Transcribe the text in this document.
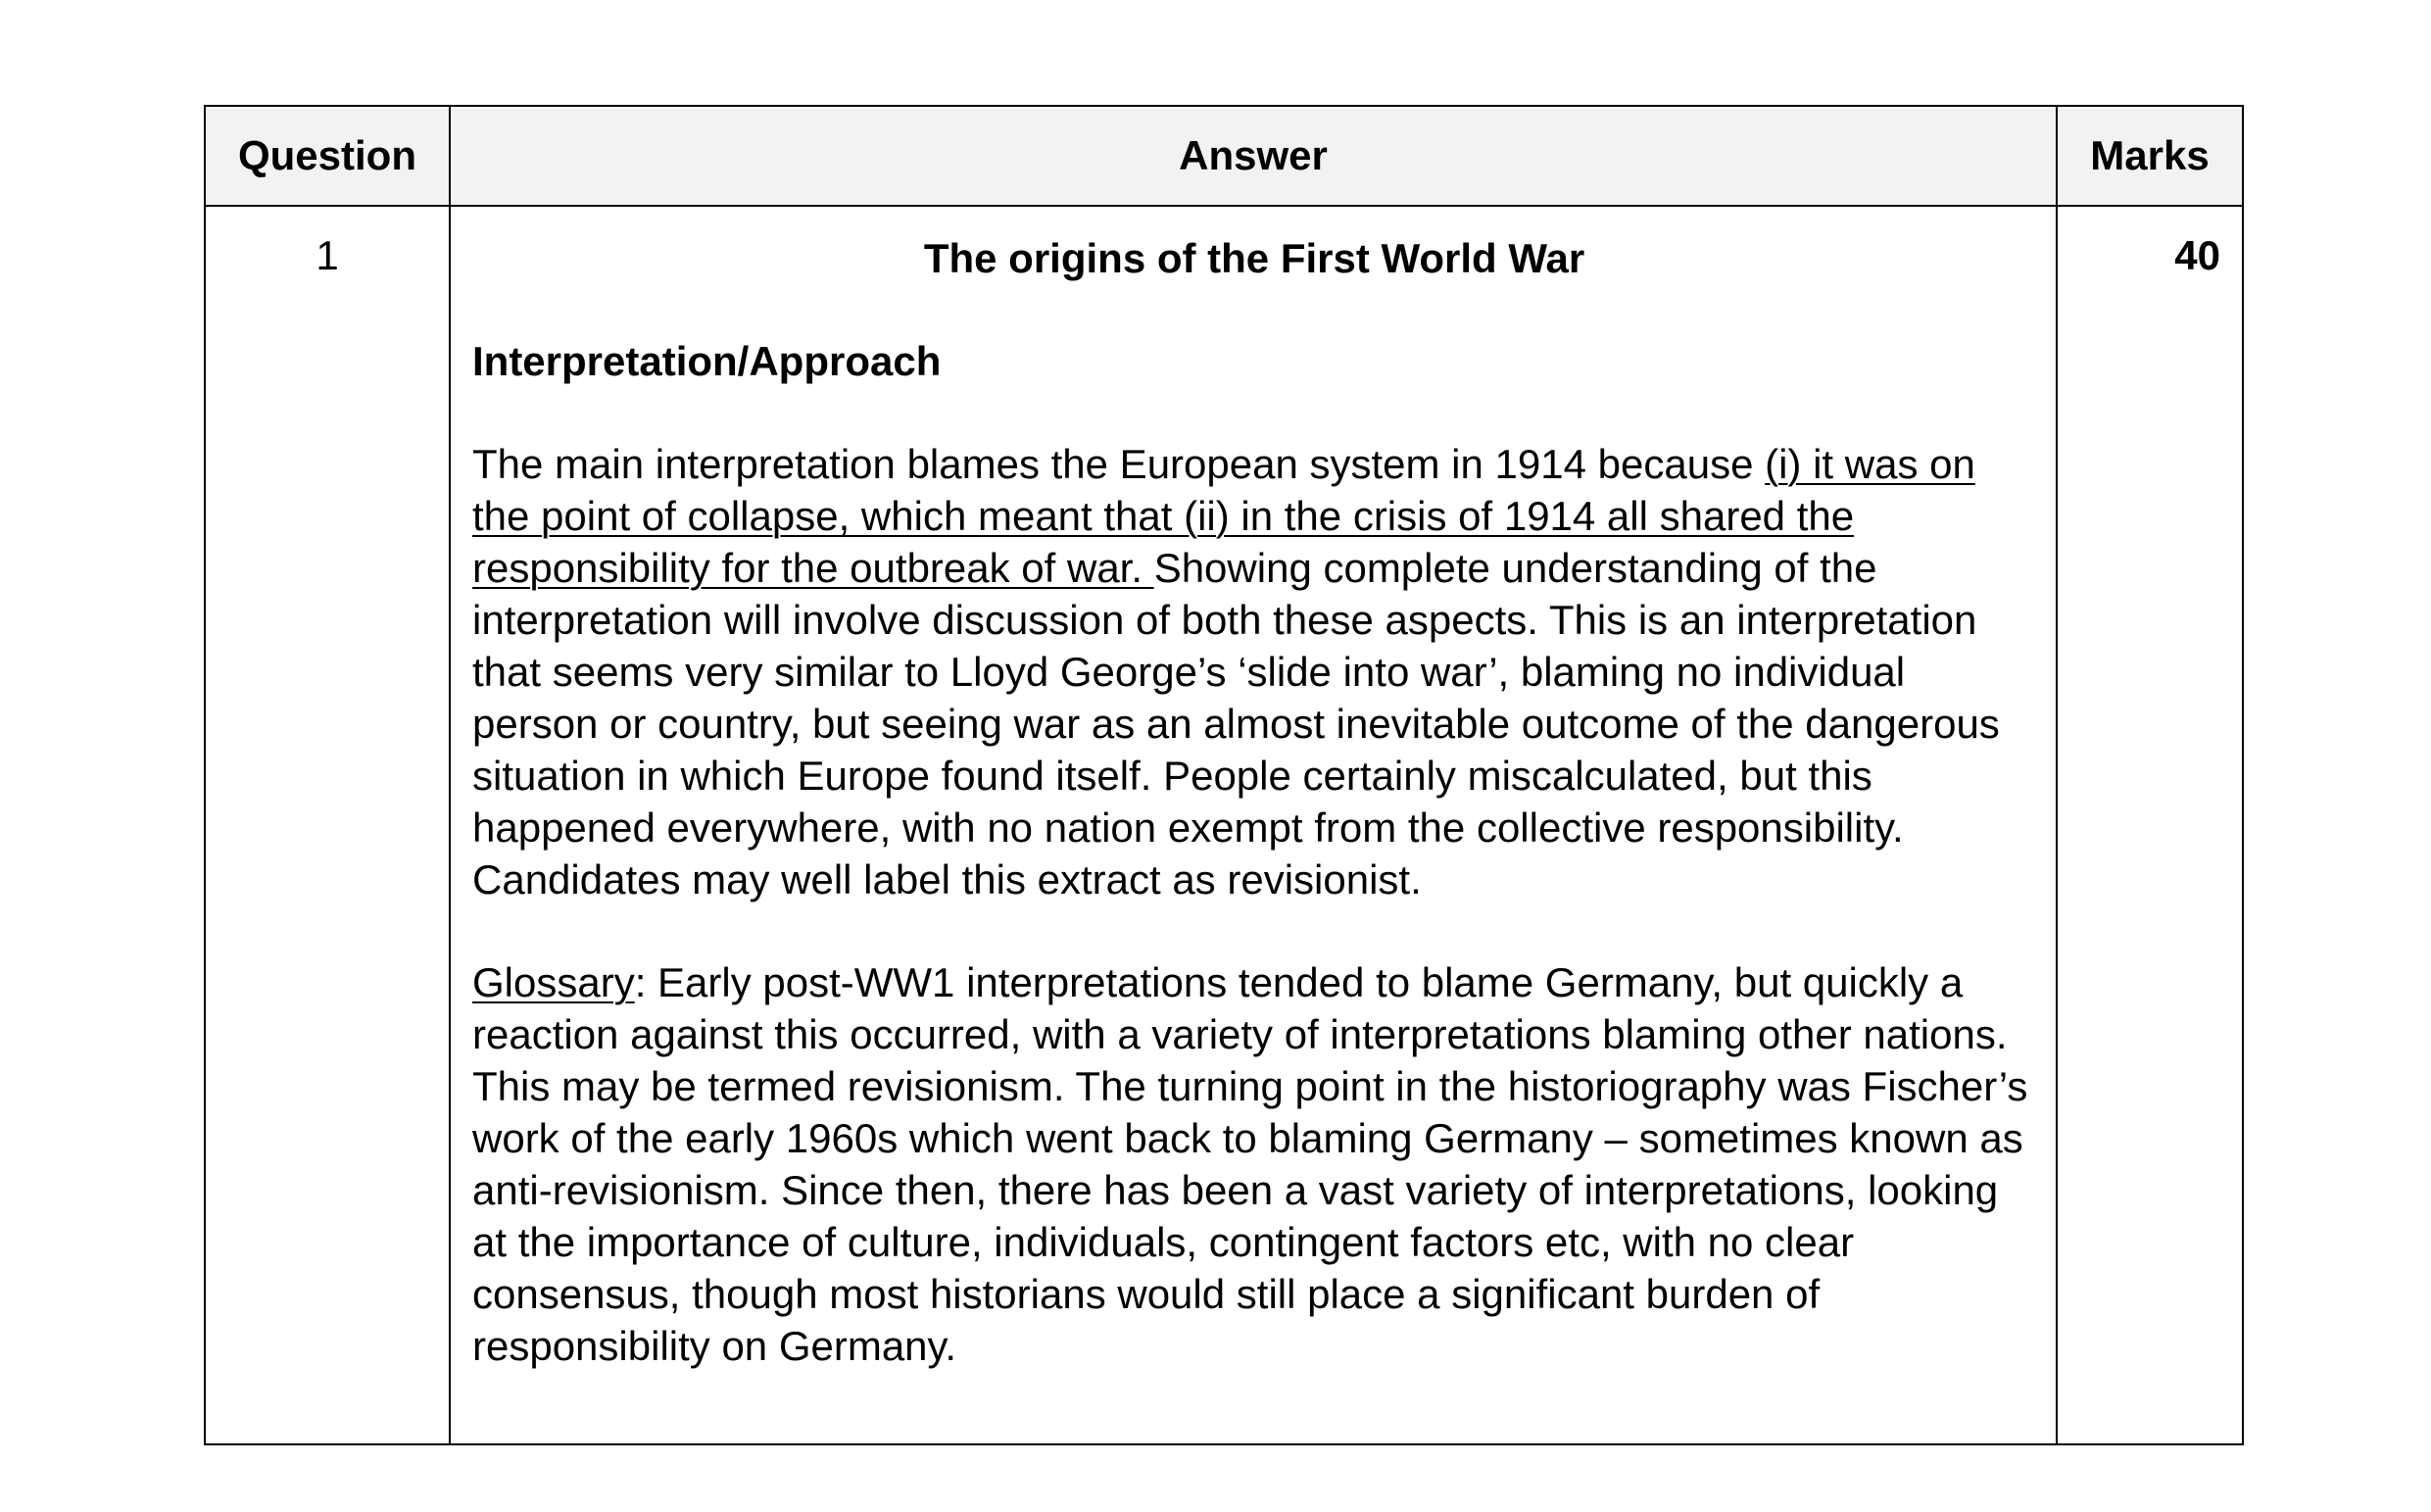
Question	Answer	Marks
1	The origins of the First World War

Interpretation/Approach

The main interpretation blames the European system in 1914 because (i) it was on the point of collapse, which meant that (ii) in the crisis of 1914 all shared the responsibility for the outbreak of war. Showing complete understanding of the interpretation will involve discussion of both these aspects. This is an interpretation that seems very similar to Lloyd George’s ‘slide into war’, blaming no individual person or country, but seeing war as an almost inevitable outcome of the dangerous situation in which Europe found itself. People certainly miscalculated, but this happened everywhere, with no nation exempt from the collective responsibility. Candidates may well label this extract as revisionist.

Glossary: Early post-WW1 interpretations tended to blame Germany, but quickly a reaction against this occurred, with a variety of interpretations blaming other nations. This may be termed revisionism. The turning point in the historiography was Fischer’s work of the early 1960s which went back to blaming Germany – sometimes known as anti-revisionism. Since then, there has been a vast variety of interpretations, looking at the importance of culture, individuals, contingent factors etc, with no clear consensus, though most historians would still place a significant burden of responsibility on Germany.	40
